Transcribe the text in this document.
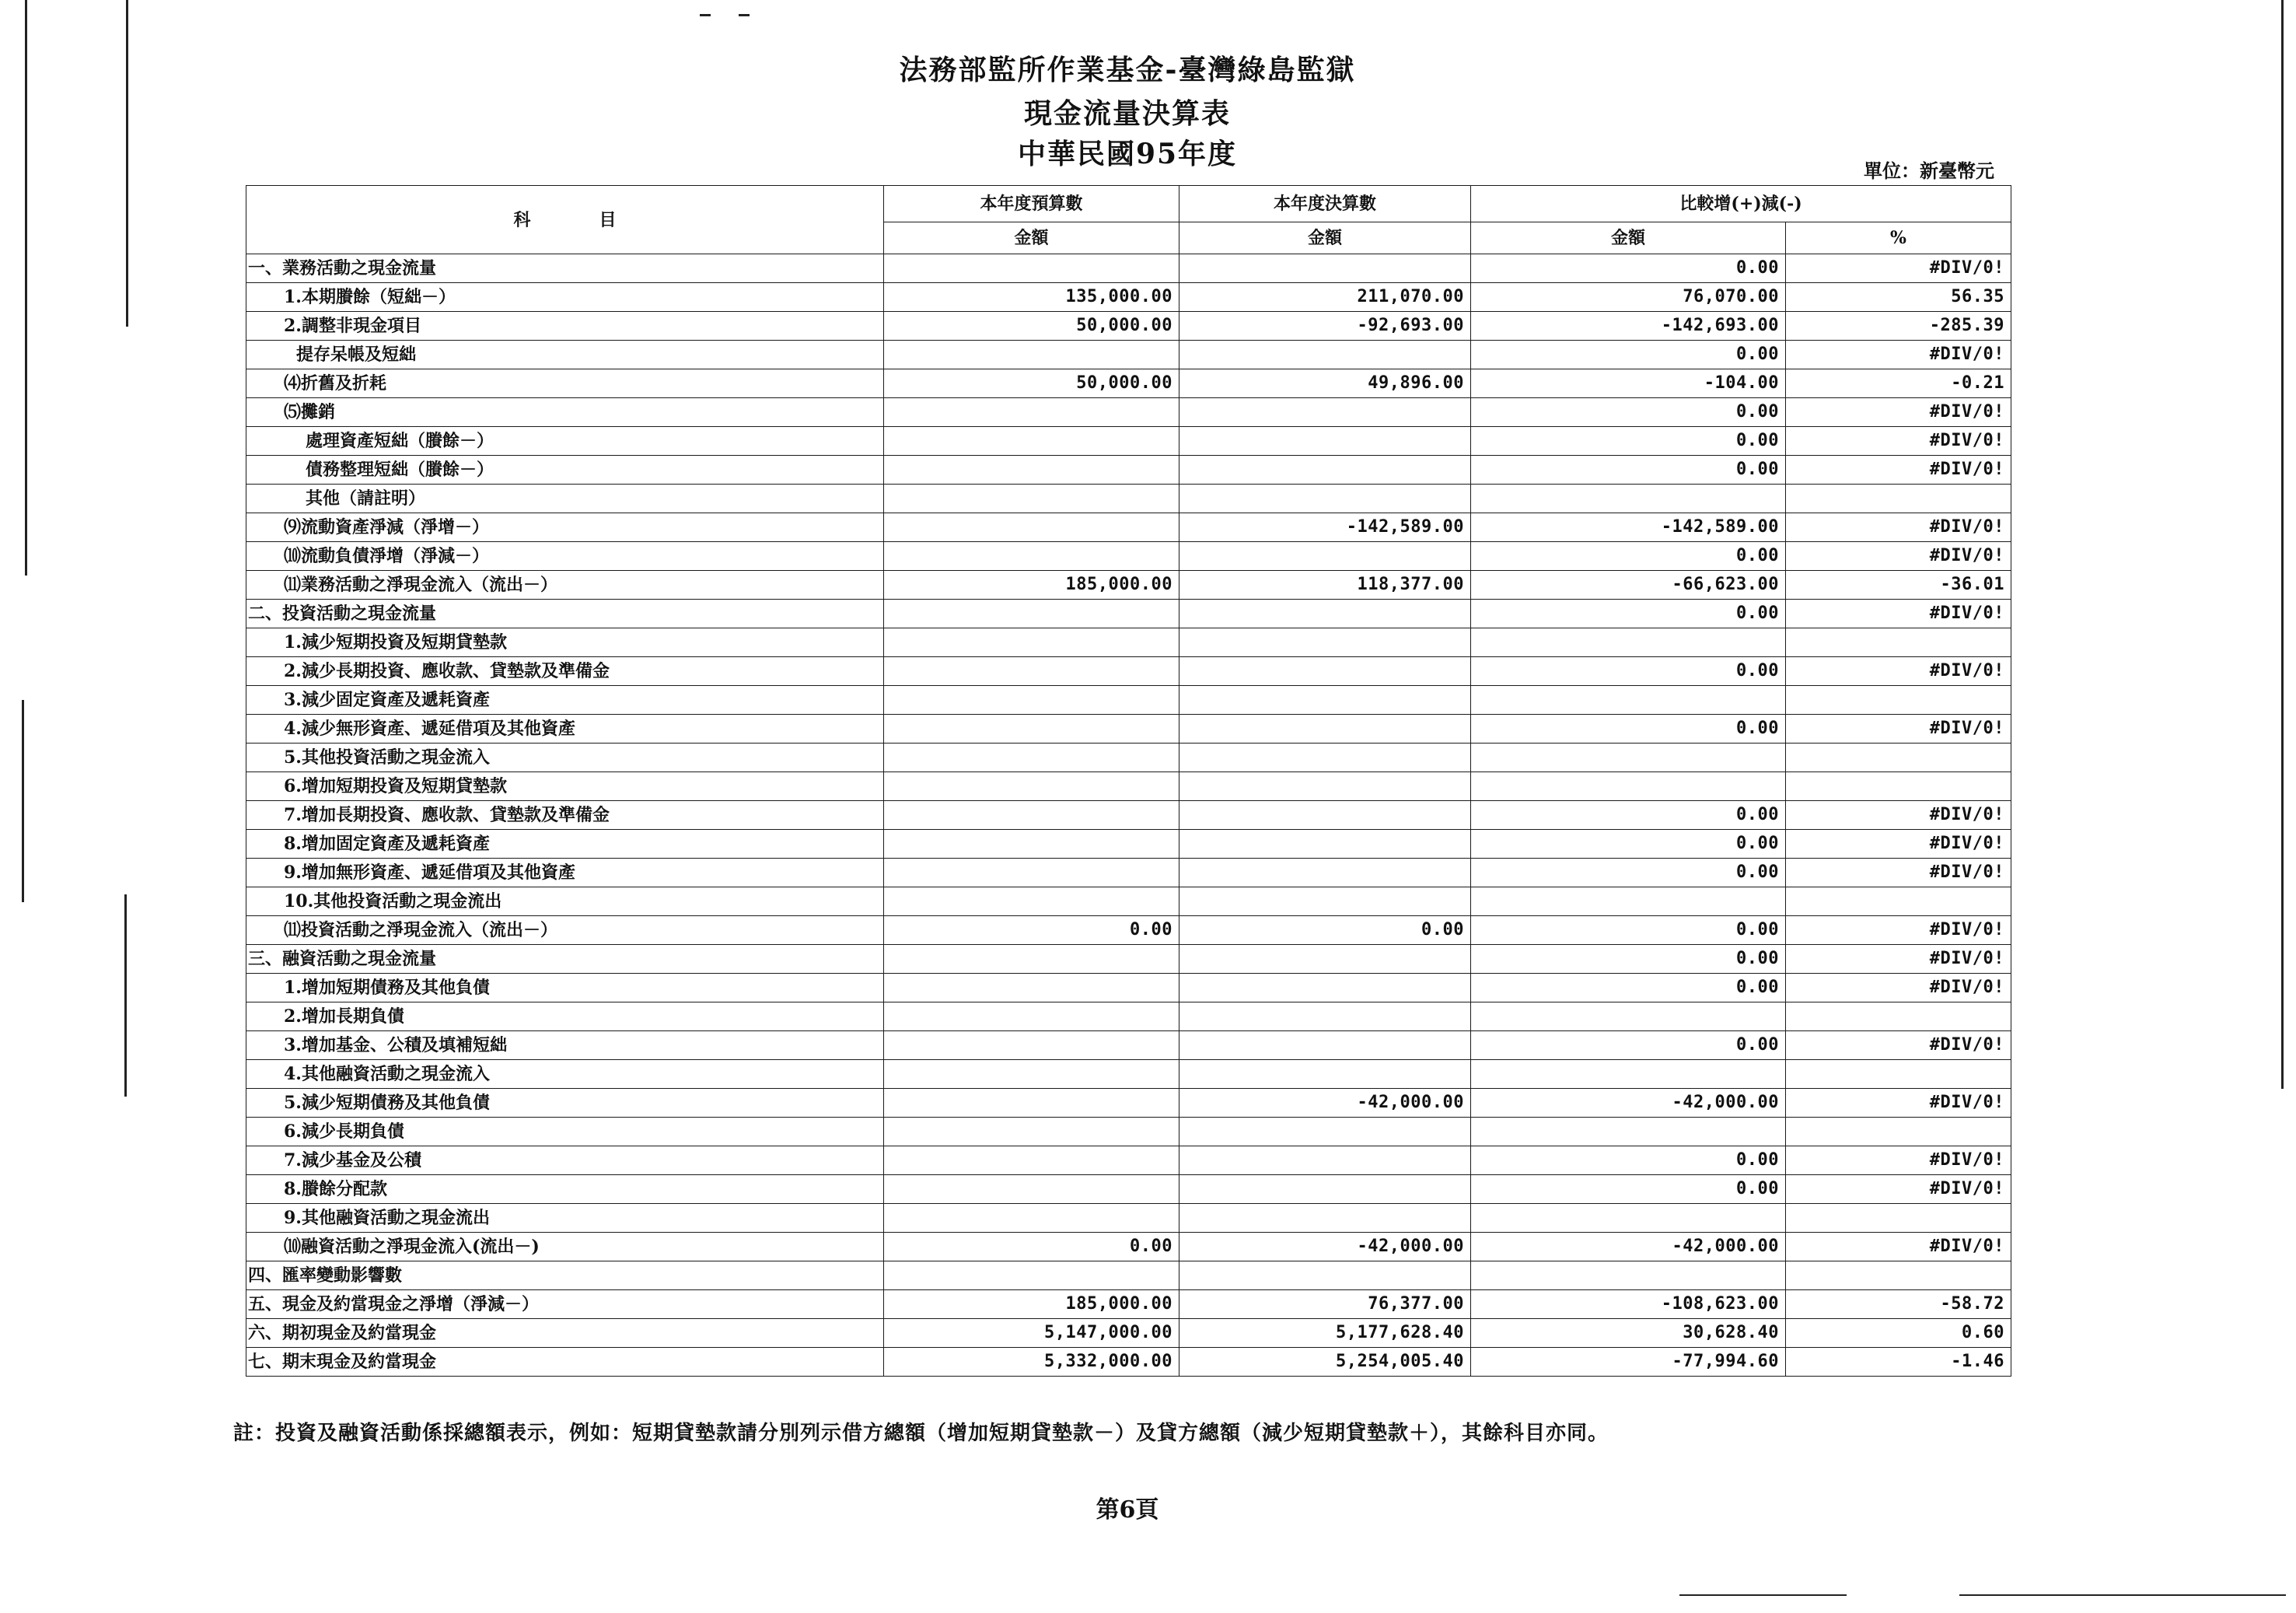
法務部監所作業基金-臺灣綠島監獄
現金流量決算表
中華民國95年度
單位：新臺幣元
科　　　　目	本年度預算數	本年度決算數	比較增(+)減(-)	
	金額	金額	金額	%
一、業務活動之現金流量			0.00	#DIV/0!
1.本期賸餘（短絀－）	135,000.00	211,070.00	76,070.00	56.35
2.調整非現金項目	50,000.00	-92,693.00	-142,693.00	-285.39
提存呆帳及短絀			0.00	#DIV/0!
⑷折舊及折耗	50,000.00	49,896.00	-104.00	-0.21
⑸攤銷			0.00	#DIV/0!
處理資產短絀（賸餘－）			0.00	#DIV/0!
債務整理短絀（賸餘－）			0.00	#DIV/0!
其他（請註明）				
⑼流動資產淨減（淨增－）		-142,589.00	-142,589.00	#DIV/0!
⑽流動負債淨增（淨減－）			0.00	#DIV/0!
⑾業務活動之淨現金流入（流出－）	185,000.00	118,377.00	-66,623.00	-36.01
二、投資活動之現金流量			0.00	#DIV/0!
1.減少短期投資及短期貸墊款				
2.減少長期投資、應收款、貸墊款及準備金			0.00	#DIV/0!
3.減少固定資產及遞耗資產				
4.減少無形資產、遞延借項及其他資產			0.00	#DIV/0!
5.其他投資活動之現金流入				
6.增加短期投資及短期貸墊款				
7.增加長期投資、應收款、貸墊款及準備金			0.00	#DIV/0!
8.增加固定資產及遞耗資產			0.00	#DIV/0!
9.增加無形資產、遞延借項及其他資產			0.00	#DIV/0!
10.其他投資活動之現金流出				
⑾投資活動之淨現金流入（流出－）	0.00	0.00	0.00	#DIV/0!
三、融資活動之現金流量			0.00	#DIV/0!
1.增加短期債務及其他負債			0.00	#DIV/0!
2.增加長期負債				
3.增加基金、公積及填補短絀			0.00	#DIV/0!
4.其他融資活動之現金流入				
5.減少短期債務及其他負債		-42,000.00	-42,000.00	#DIV/0!
6.減少長期負債				
7.減少基金及公積			0.00	#DIV/0!
8.賸餘分配款			0.00	#DIV/0!
9.其他融資活動之現金流出				
⑽融資活動之淨現金流入(流出－)	0.00	-42,000.00	-42,000.00	#DIV/0!
四、匯率變動影響數				
五、現金及約當現金之淨增（淨減－）	185,000.00	76,377.00	-108,623.00	-58.72
六、期初現金及約當現金	5,147,000.00	5,177,628.40	30,628.40	0.60
七、期末現金及約當現金	5,332,000.00	5,254,005.40	-77,994.60	-1.46
註：投資及融資活動係採總額表示，例如：短期貸墊款請分別列示借方總額（增加短期貸墊款－）及貸方總額（減少短期貸墊款＋），其餘科目亦同。
第6頁
